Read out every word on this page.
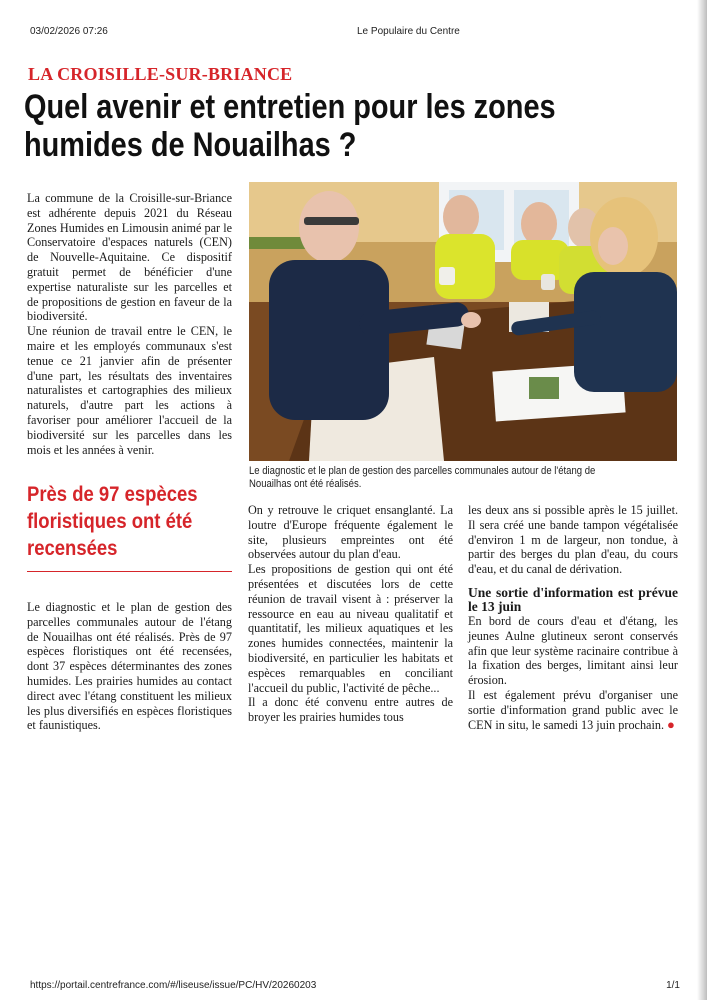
03/02/2026 07:26	Le Populaire du Centre
LA CROISILLE-SUR-BRIANCE
Quel avenir et entretien pour les zones
humides de Nouailhas ?

La commune de la Croisille-sur-Briance est adhérente depuis 2021 du Réseau Zones Humides en Limousin animé par le Conservatoire d'espaces naturels (CEN) de Nouvelle-Aquitaine. Ce dispositif gratuit permet de bénéficier d'une expertise naturaliste sur les parcelles et de propositions de gestion en faveur de la biodiversité.

Une réunion de travail entre le CEN, le maire et les employés communaux s'est tenue ce 21 janvier afin de présenter d'une part, les résultats des inventaires naturalistes et cartographies des milieux naturels, d'autre part les actions à favoriser pour améliorer l'accueil de la biodiversité sur les parcelles dans les mois et les années à venir.

Près de 97 espèces floristiques ont été recensées

Le diagnostic et le plan de gestion des parcelles communales autour de l'étang de Nouailhas ont été réalisés. Près de 97 espèces floristiques ont été recensées, dont 37 espèces déterminantes des zones humides. Les prairies humides au contact direct avec l'étang constituent les milieux les plus diversifiés en espèces floristiques et faunistiques.

Le diagnostic et le plan de gestion des parcelles communales autour de l'étang de Nouailhas ont été réalisés.

On y retrouve le criquet ensanglanté. La loutre d'Europe fréquente également le site, plusieurs empreintes ont été observées autour du plan d'eau.

Les propositions de gestion qui ont été présentées et discutées lors de cette réunion de travail visent à : préserver la ressource en eau au niveau qualitatif et quantitatif, les milieux aquatiques et les zones humides connectées, maintenir la biodiversité, en particulier les habitats et espèces remarquables en conciliant l'accueil du public, l'activité de pêche...

Il a donc été convenu entre autres de broyer les prairies humides tous

les deux ans si possible après le 15 juillet. Il sera créé une bande tampon végétalisée d'environ 1 m de largeur, non tondue, à partir des berges du plan d'eau, du cours d'eau, et du canal de dérivation.

Une sortie d'information est prévue le 13 juin

En bord de cours d'eau et d'étang, les jeunes Aulne glutineux seront conservés afin que leur système racinaire contribue à la fixation des berges, limitant ainsi leur érosion.

Il est également prévu d'organiser une sortie d'information grand public avec le CEN in situ, le samedi 13 juin prochain. ●

https://portail.centrefrance.com/#/liseuse/issue/PC/HV/20260203	1/1
